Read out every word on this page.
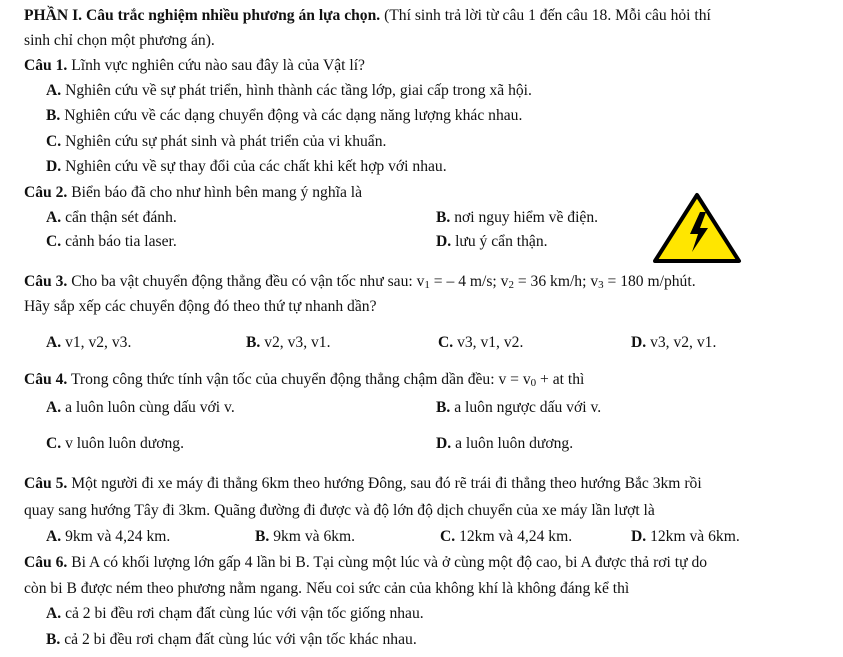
PHẦN I. Câu trắc nghiệm nhiều phương án lựa chọn. (Thí sinh trả lời từ câu 1 đến câu 18. Mỗi câu hỏi thí
sinh chỉ chọn một phương án).
Câu 1. Lĩnh vực nghiên cứu nào sau đây là của Vật lí?
A. Nghiên cứu về sự phát triển, hình thành các tầng lớp, giai cấp trong xã hội.
B. Nghiên cứu về các dạng chuyển động và các dạng năng lượng khác nhau.
C. Nghiên cứu sự phát sinh và phát triển của vi khuẩn.
D. Nghiên cứu về sự thay đổi của các chất khi kết hợp với nhau.
Câu 2. Biển báo đã cho như hình bên mang ý nghĩa là
A. cẩn thận sét đánh.	B. nơi nguy hiểm về điện.
C. cảnh báo tia laser.	D. lưu ý cẩn thận.
Câu 3. Cho ba vật chuyển động thẳng đều có vận tốc như sau: $v_1$ = – 4 m/s; $v_2 = 36$ km/h; $v_3 = 180$ m/phút.
Hãy sắp xếp các chuyển động đó theo thứ tự nhanh dần?
A. v1, v2, v3.	B. v2, v3, v1.	C. v3, v1, v2.	D. v3, v2, v1.
Câu 4. Trong công thức tính vận tốc của chuyển động thẳng chậm dần đều: $v = v_0$ + at thì
A. a luôn luôn cùng dấu với v.	B. a luôn ngược dấu với v.
C. v luôn luôn dương.	D. a luôn luôn dương.
Câu 5. Một người đi xe máy đi thẳng 6km theo hướng Đông, sau đó rẽ trái đi thẳng theo hướng Bắc 3km rồi
quay sang hướng Tây đi 3km. Quãng đường đi được và độ lớn độ dịch chuyển của xe máy lần lượt là
A. 9km và 4,24 km.	B. 9km và 6km.	C. 12km và 4,24 km.	D. 12km và 6km.
Câu 6. Bi A có khối lượng lớn gấp 4 lần bi B. Tại cùng một lúc và ở cùng một độ cao, bi A được thả rơi tự do
còn bi B được ném theo phương nằm ngang. Nếu coi sức cản của không khí là không đáng kể thì
A. cả 2 bi đều rơi chạm đất cùng lúc với vận tốc giống nhau.
B. cả 2 bi đều rơi chạm đất cùng lúc với vận tốc khác nhau.
